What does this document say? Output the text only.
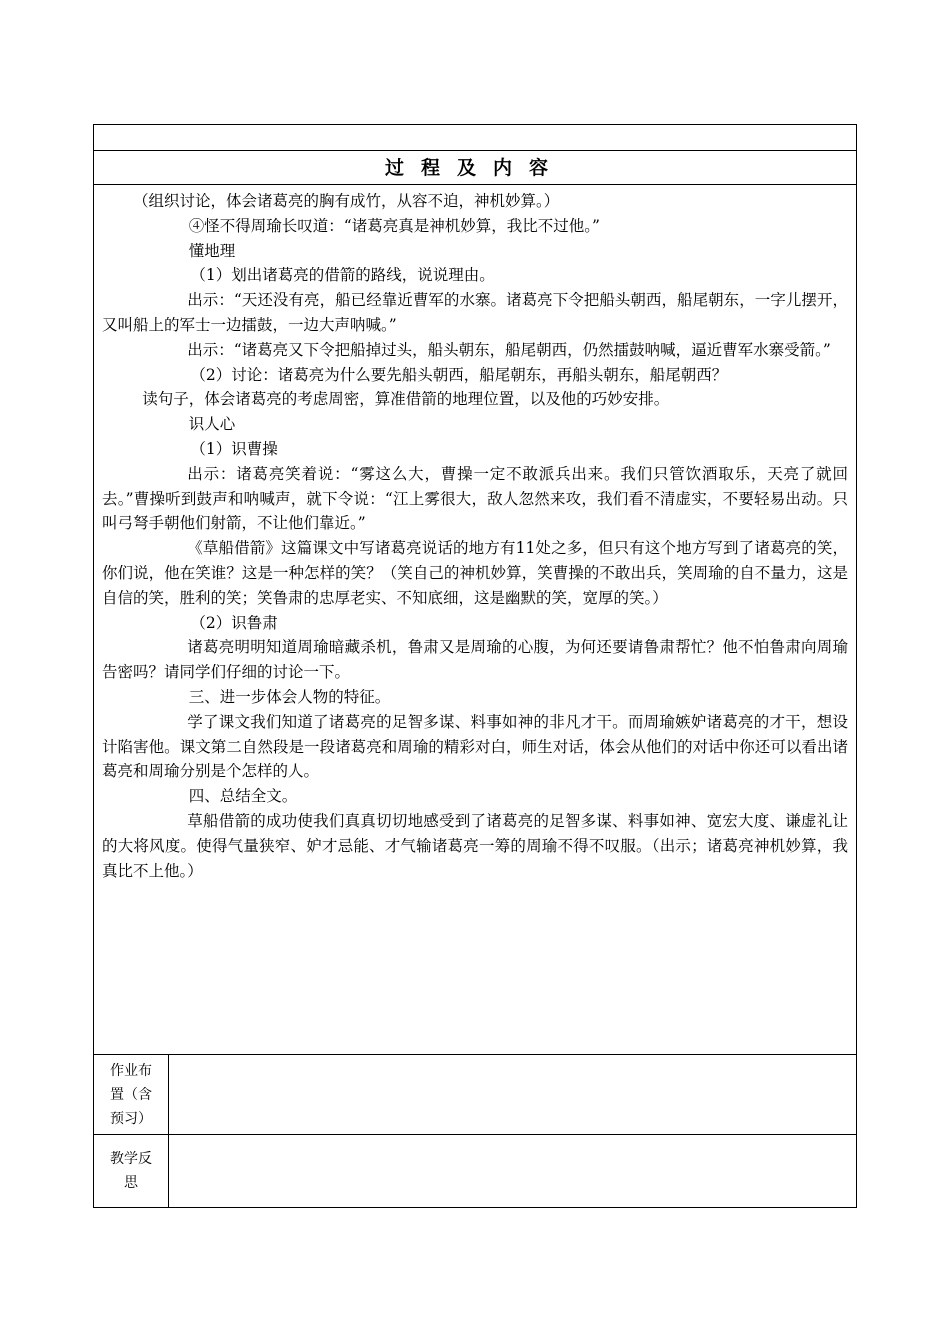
过程及内容

（组织讨论，体会诸葛亮的胸有成竹，从容不迫，神机妙算。）

④怪不得周瑜长叹道：“诸葛亮真是神机妙算，我比不过他。”

懂地理

（1）划出诸葛亮的借箭的路线，说说理由。

出示：“天还没有亮，船已经靠近曹军的水寨。诸葛亮下令把船头朝西，船尾朝东，一字儿摆开，又叫船上的军士一边擂鼓，一边大声呐喊。”

出示：“诸葛亮又下令把船掉过头，船头朝东，船尾朝西，仍然擂鼓呐喊，逼近曹军水寨受箭。”

（2）讨论：诸葛亮为什么要先船头朝西，船尾朝东，再船头朝东，船尾朝西？

读句子，体会诸葛亮的考虑周密，算准借箭的地理位置，以及他的巧妙安排。

识人心

（1）识曹操

出示：诸葛亮笑着说：“雾这么大，曹操一定不敢派兵出来。我们只管饮酒取乐，天亮了就回去。”曹操听到鼓声和呐喊声，就下令说：“江上雾很大，敌人忽然来攻，我们看不清虚实，不要轻易出动。只叫弓弩手朝他们射箭，不让他们靠近。”

《草船借箭》这篇课文中写诸葛亮说话的地方有11处之多，但只有这个地方写到了诸葛亮的笑，你们说，他在笑谁？这是一种怎样的笑？（笑自己的神机妙算，笑曹操的不敢出兵，笑周瑜的自不量力，这是自信的笑，胜利的笑；笑鲁肃的忠厚老实、不知底细，这是幽默的笑，宽厚的笑。）

（2）识鲁肃

诸葛亮明明知道周瑜暗藏杀机，鲁肃又是周瑜的心腹，为何还要请鲁肃帮忙？他不怕鲁肃向周瑜告密吗？请同学们仔细的讨论一下。

三、进一步体会人物的特征。

学了课文我们知道了诸葛亮的足智多谋、料事如神的非凡才干。而周瑜嫉妒诸葛亮的才干，想设计陷害他。课文第二自然段是一段诸葛亮和周瑜的精彩对白，师生对话，体会从他们的对话中你还可以看出诸葛亮和周瑜分别是个怎样的人。

四、总结全文。

草船借箭的成功使我们真真切切地感受到了诸葛亮的足智多谋、料事如神、宽宏大度、谦虚礼让的大将风度。使得气量狭窄、妒才忌能、才气输诸葛亮一筹的周瑜不得不叹服。（出示；诸葛亮神机妙算，我真比不上他。）

作业布
置（含
预习）
教学反
思
